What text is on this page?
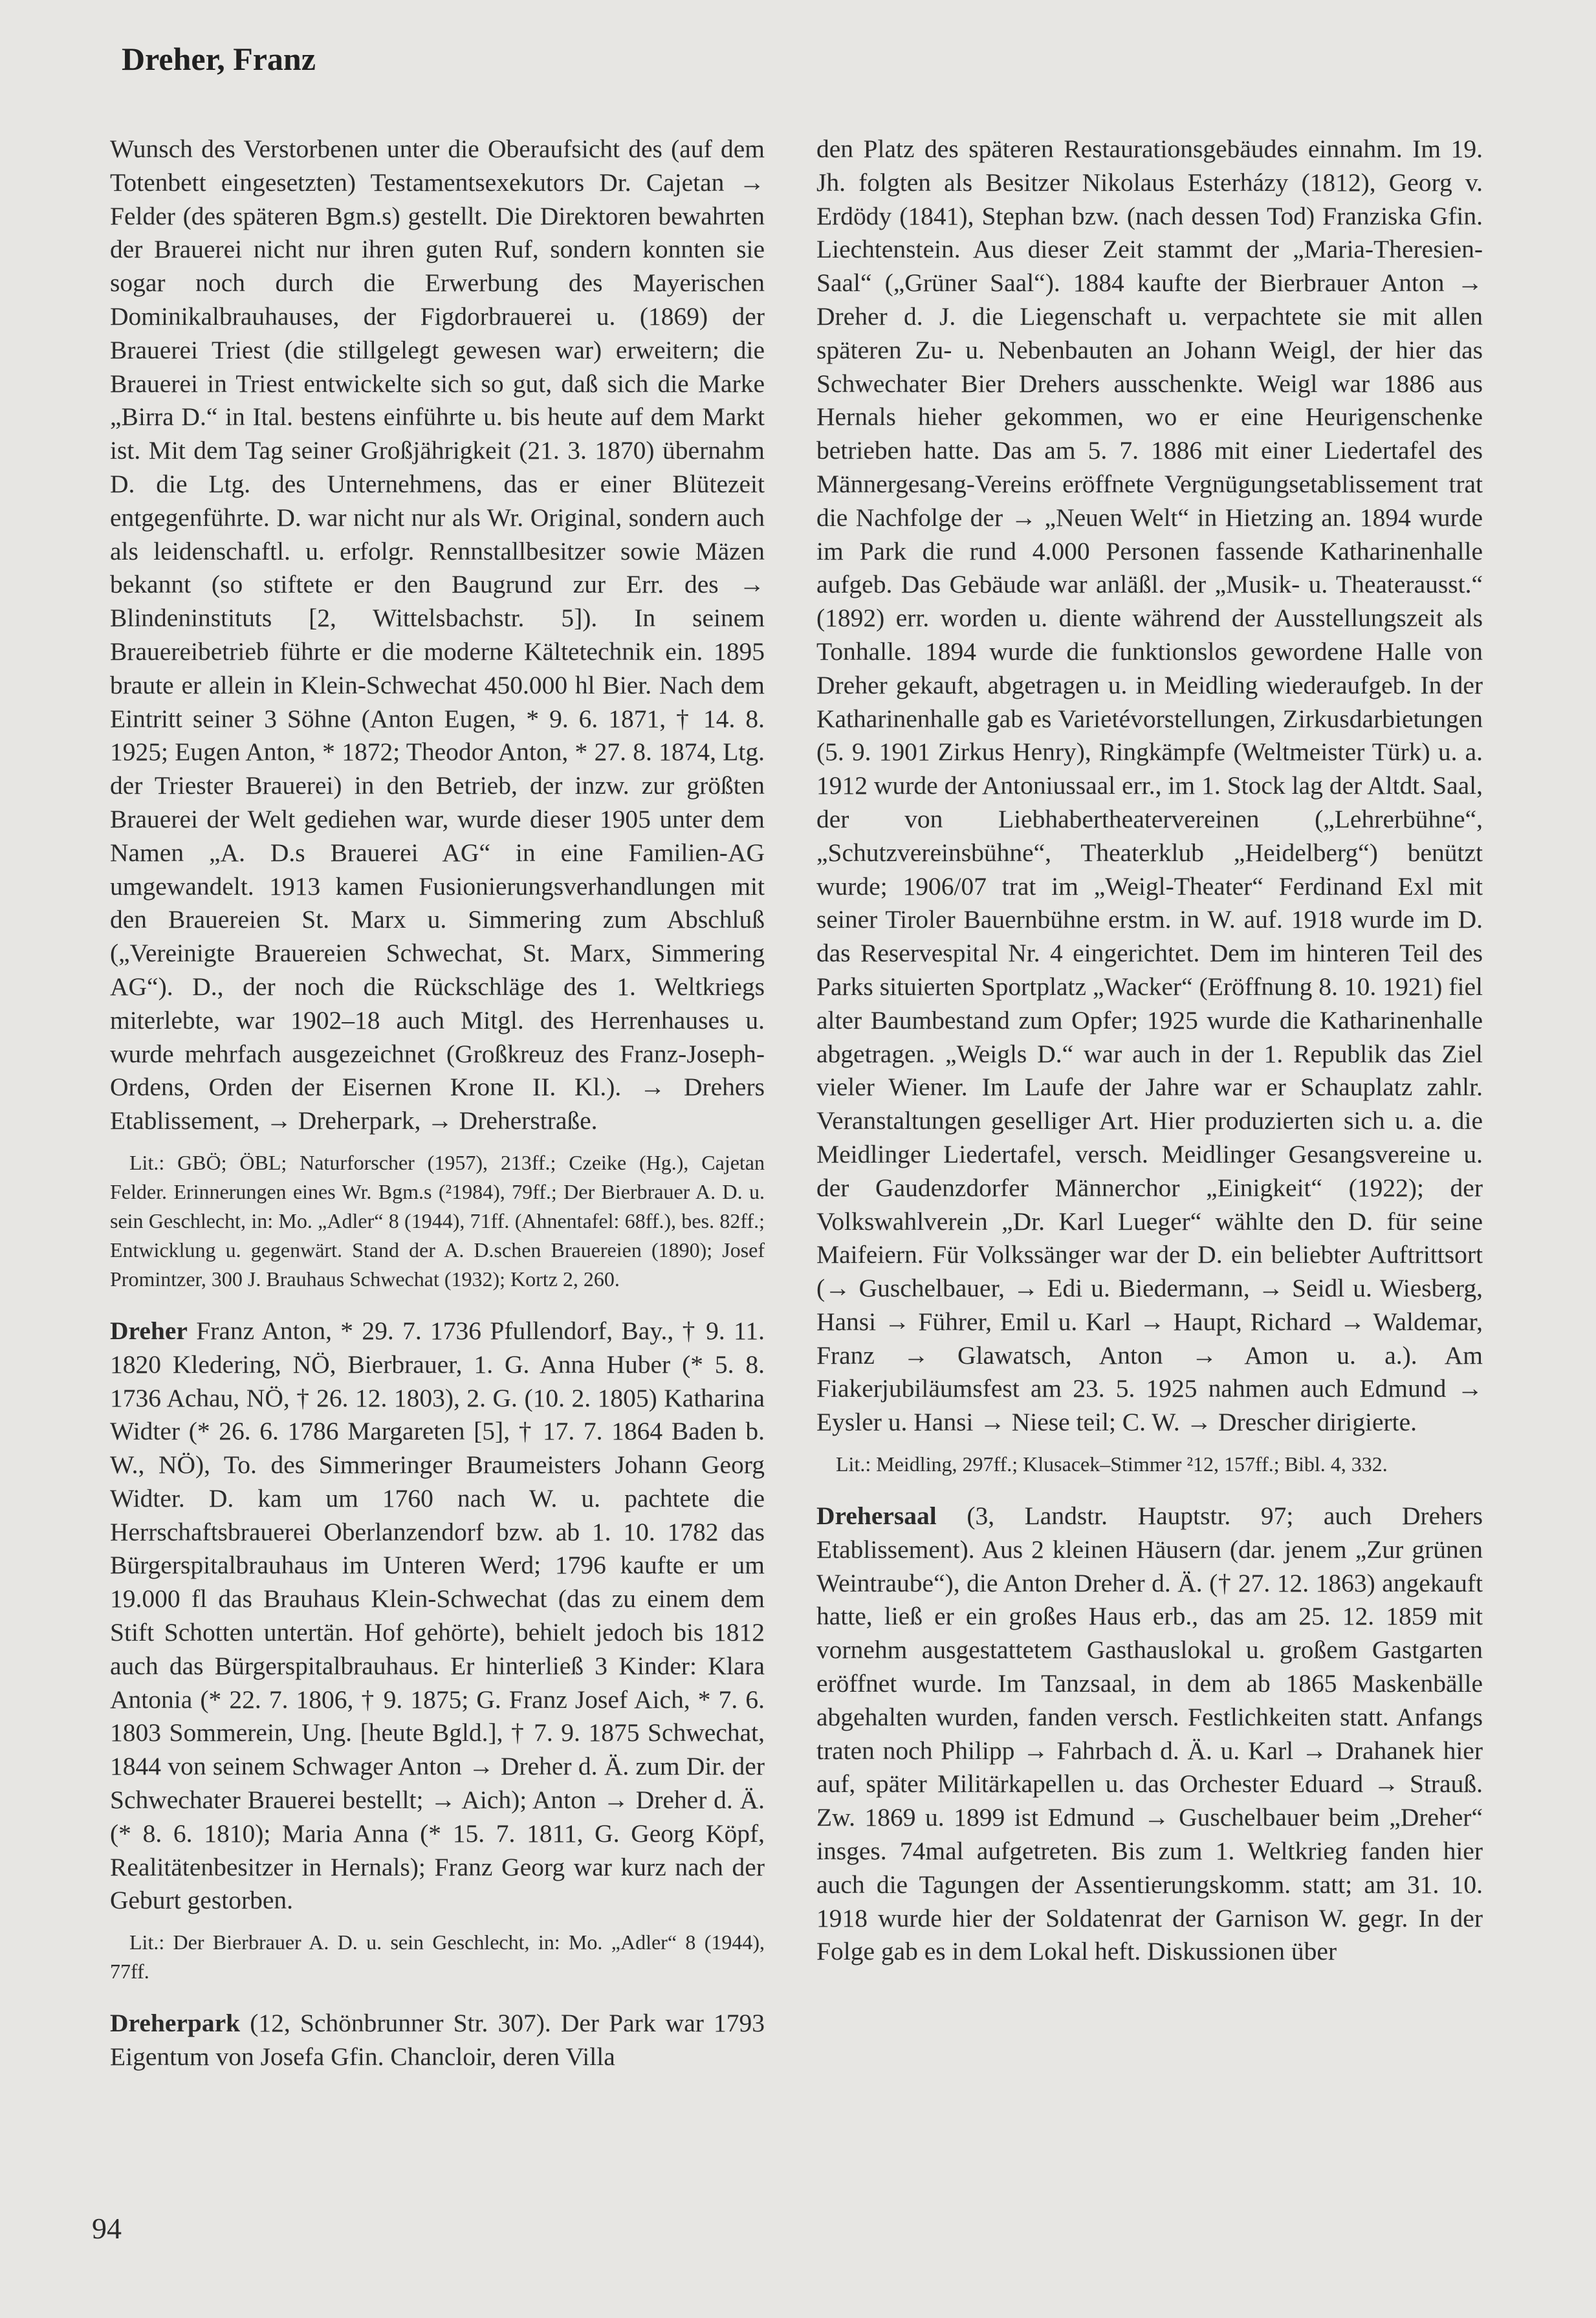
Dreher, Franz

Wunsch des Verstorbenen unter die Oberaufsicht des (auf dem Totenbett eingesetzten) Testamentsexekutors Dr. Cajetan → Felder (des späteren Bgm.s) gestellt. Die Direktoren bewahrten der Brauerei nicht nur ihren guten Ruf, sondern konnten sie sogar noch durch die Erwerbung des Mayerischen Dominikalbrauhauses, der Figdorbrauerei u. (1869) der Brauerei Triest (die stillgelegt gewesen war) erweitern; die Brauerei in Triest entwickelte sich so gut, daß sich die Marke „Birra D.“ in Ital. bestens einführte u. bis heute auf dem Markt ist. Mit dem Tag seiner Großjährigkeit (21. 3. 1870) übernahm D. die Ltg. des Unternehmens, das er einer Blütezeit entgegenführte. D. war nicht nur als Wr. Original, sondern auch als leidenschaftl. u. erfolgr. Rennstallbesitzer sowie Mäzen bekannt (so stiftete er den Baugrund zur Err. des → Blindeninstituts [2, Wittelsbachstr. 5]). In seinem Brauereibetrieb führte er die moderne Kältetechnik ein. 1895 braute er allein in Klein-Schwechat 450.000 hl Bier. Nach dem Eintritt seiner 3 Söhne (Anton Eugen, * 9. 6. 1871, † 14. 8. 1925; Eugen Anton, * 1872; Theodor Anton, * 27. 8. 1874, Ltg. der Triester Brauerei) in den Betrieb, der inzw. zur größten Brauerei der Welt gediehen war, wurde dieser 1905 unter dem Namen „A. D.s Brauerei AG“ in eine Familien-AG umgewandelt. 1913 kamen Fusionierungsverhandlungen mit den Brauereien St. Marx u. Simmering zum Abschluß („Vereinigte Brauereien Schwechat, St. Marx, Simmering AG“). D., der noch die Rückschläge des 1. Weltkriegs miterlebte, war 1902–18 auch Mitgl. des Herrenhauses u. wurde mehrfach ausgezeichnet (Großkreuz des Franz-Joseph-Ordens, Orden der Eisernen Krone II. Kl.). → Drehers Etablissement, → Dreherpark, → Dreherstraße.

Lit.: GBÖ; ÖBL; Naturforscher (1957), 213ff.; Czeike (Hg.), Cajetan Felder. Erinnerungen eines Wr. Bgm.s (²1984), 79ff.; Der Bierbrauer A. D. u. sein Geschlecht, in: Mo. „Adler“ 8 (1944), 71ff. (Ahnentafel: 68ff.), bes. 82ff.; Entwicklung u. gegenwärt. Stand der A. D.schen Brauereien (1890); Josef Promintzer, 300 J. Brauhaus Schwechat (1932); Kortz 2, 260.

Dreher Franz Anton, * 29. 7. 1736 Pfullendorf, Bay., † 9. 11. 1820 Kledering, NÖ, Bierbrauer, 1. G. Anna Huber (* 5. 8. 1736 Achau, NÖ, † 26. 12. 1803), 2. G. (10. 2. 1805) Katharina Widter (* 26. 6. 1786 Margareten [5], † 17. 7. 1864 Baden b. W., NÖ), To. des Simmeringer Braumeisters Johann Georg Widter. D. kam um 1760 nach W. u. pachtete die Herrschaftsbrauerei Oberlanzendorf bzw. ab 1. 10. 1782 das Bürgerspitalbrauhaus im Unteren Werd; 1796 kaufte er um 19.000 fl das Brauhaus Klein-Schwechat (das zu einem dem Stift Schotten untertän. Hof gehörte), behielt jedoch bis 1812 auch das Bürgerspitalbrauhaus. Er hinterließ 3 Kinder: Klara Antonia (* 22. 7. 1806, † 9. 1875; G. Franz Josef Aich, * 7. 6. 1803 Sommerein, Ung. [heute Bgld.], † 7. 9. 1875 Schwechat, 1844 von seinem Schwager Anton → Dreher d. Ä. zum Dir. der Schwechater Brauerei bestellt; → Aich); Anton → Dreher d. Ä. (* 8. 6. 1810); Maria Anna (* 15. 7. 1811, G. Georg Köpf, Realitätenbesitzer in Hernals); Franz Georg war kurz nach der Geburt gestorben.

Lit.: Der Bierbrauer A. D. u. sein Geschlecht, in: Mo. „Adler“ 8 (1944), 77ff.

Dreherpark (12, Schönbrunner Str. 307). Der Park war 1793 Eigentum von Josefa Gfin. Chancloir, deren Villa

den Platz des späteren Restaurationsgebäudes einnahm. Im 19. Jh. folgten als Besitzer Nikolaus Esterházy (1812), Georg v. Erdödy (1841), Stephan bzw. (nach dessen Tod) Franziska Gfin. Liechtenstein. Aus dieser Zeit stammt der „Maria-Theresien-Saal“ („Grüner Saal“). 1884 kaufte der Bierbrauer Anton → Dreher d. J. die Liegenschaft u. verpachtete sie mit allen späteren Zu- u. Nebenbauten an Johann Weigl, der hier das Schwechater Bier Drehers ausschenkte. Weigl war 1886 aus Hernals hieher gekommen, wo er eine Heurigenschenke betrieben hatte. Das am 5. 7. 1886 mit einer Liedertafel des Männergesang-Vereins eröffnete Vergnügungsetablissement trat die Nachfolge der → „Neuen Welt“ in Hietzing an. 1894 wurde im Park die rund 4.000 Personen fassende Katharinenhalle aufgeb. Das Gebäude war anläßl. der „Musik- u. Theaterausst.“ (1892) err. worden u. diente während der Ausstellungszeit als Tonhalle. 1894 wurde die funktionslos gewordene Halle von Dreher gekauft, abgetragen u. in Meidling wiederaufgeb. In der Katharinenhalle gab es Varietévorstellungen, Zirkusdarbietungen (5. 9. 1901 Zirkus Henry), Ringkämpfe (Weltmeister Türk) u. a. 1912 wurde der Antoniussaal err., im 1. Stock lag der Altdt. Saal, der von Liebhabertheatervereinen („Lehrerbühne“, „Schutzvereinsbühne“, Theaterklub „Heidelberg“) benützt wurde; 1906/07 trat im „Weigl-Theater“ Ferdinand Exl mit seiner Tiroler Bauernbühne erstm. in W. auf. 1918 wurde im D. das Reservespital Nr. 4 eingerichtet. Dem im hinteren Teil des Parks situierten Sportplatz „Wacker“ (Eröffnung 8. 10. 1921) fiel alter Baumbestand zum Opfer; 1925 wurde die Katharinenhalle abgetragen. „Weigls D.“ war auch in der 1. Republik das Ziel vieler Wiener. Im Laufe der Jahre war er Schauplatz zahlr. Veranstaltungen geselliger Art. Hier produzierten sich u. a. die Meidlinger Liedertafel, versch. Meidlinger Gesangsvereine u. der Gaudenzdorfer Männerchor „Einigkeit“ (1922); der Volkswahlverein „Dr. Karl Lueger“ wählte den D. für seine Maifeiern. Für Volkssänger war der D. ein beliebter Auftrittsort (→ Guschelbauer, → Edi u. Biedermann, → Seidl u. Wiesberg, Hansi → Führer, Emil u. Karl → Haupt, Richard → Waldemar, Franz → Glawatsch, Anton → Amon u. a.). Am Fiakerjubiläumsfest am 23. 5. 1925 nahmen auch Edmund → Eysler u. Hansi → Niese teil; C. W. → Drescher dirigierte.

Lit.: Meidling, 297ff.; Klusacek–Stimmer ²12, 157ff.; Bibl. 4, 332.

Drehersaal (3, Landstr. Hauptstr. 97; auch Drehers Etablissement). Aus 2 kleinen Häusern (dar. jenem „Zur grünen Weintraube“), die Anton Dreher d. Ä. († 27. 12. 1863) angekauft hatte, ließ er ein großes Haus erb., das am 25. 12. 1859 mit vornehm ausgestattetem Gasthauslokal u. großem Gastgarten eröffnet wurde. Im Tanzsaal, in dem ab 1865 Maskenbälle abgehalten wurden, fanden versch. Festlichkeiten statt. Anfangs traten noch Philipp → Fahrbach d. Ä. u. Karl → Drahanek hier auf, später Militärkapellen u. das Orchester Eduard → Strauß. Zw. 1869 u. 1899 ist Edmund → Guschelbauer beim „Dreher“ insges. 74mal aufgetreten. Bis zum 1. Weltkrieg fanden hier auch die Tagungen der Assentierungskomm. statt; am 31. 10. 1918 wurde hier der Soldatenrat der Garnison W. gegr. In der Folge gab es in dem Lokal heft. Diskussionen über

94
